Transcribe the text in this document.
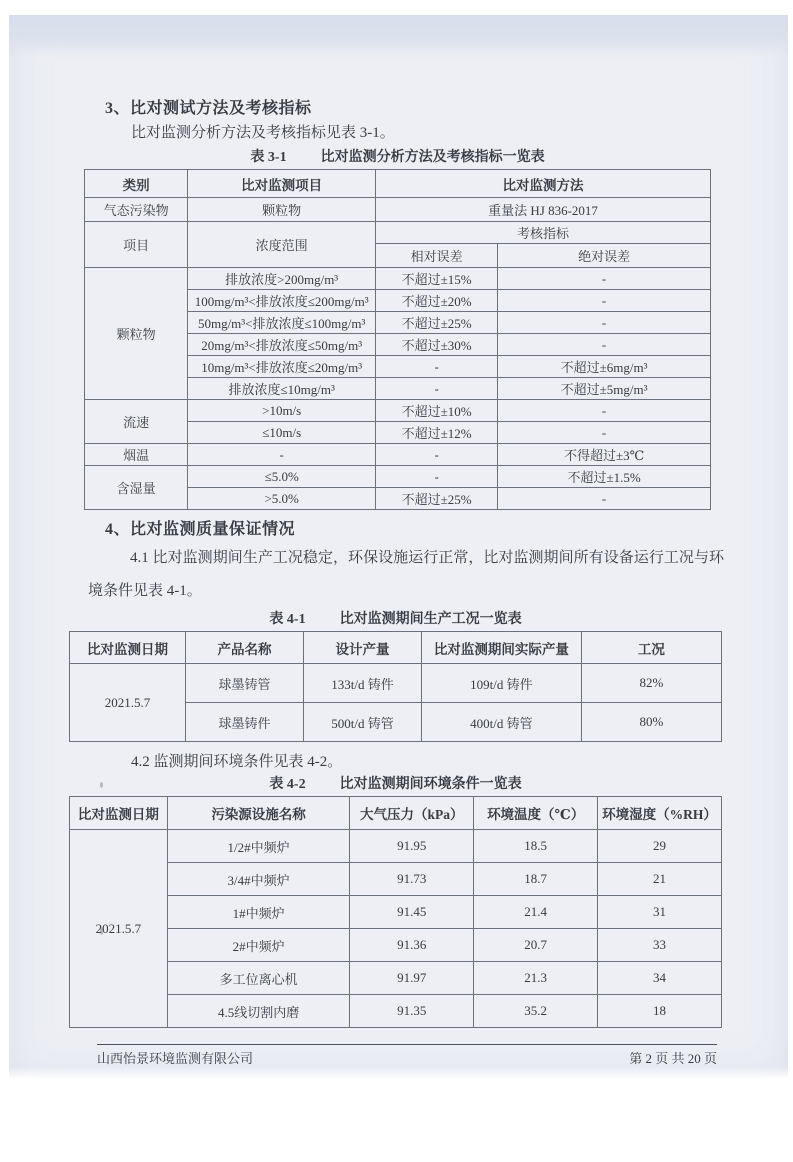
3、比对测试方法及考核指标
比对监测分析方法及考核指标见表 3-1。
表 3-1 比对监测分析方法及考核指标一览表
类别	比对监测项目	比对监测方法	
气态污染物	颗粒物	重量法 HJ 836-2017	
项目	浓度范围	考核指标	
		相对误差	绝对误差
颗粒物	排放浓度>200mg/m³	不超过±15%	-
	100mg/m³<排放浓度≤200mg/m³	不超过±20%	-
	50mg/m³<排放浓度≤100mg/m³	不超过±25%	-
	20mg/m³<排放浓度≤50mg/m³	不超过±30%	-
	10mg/m³<排放浓度≤20mg/m³	-	不超过±6mg/m³
	排放浓度≤10mg/m³	-	不超过±5mg/m³
流速	>10m/s	不超过±10%	-
	≤10m/s	不超过±12%	-
烟温	-	-	不得超过±3℃
含湿量	≤5.0%	-	不超过±1.5%
	>5.0%	不超过±25%	-
4、比对监测质量保证情况
4.1 比对监测期间生产工况稳定，环保设施运行正常，比对监测期间所有设备运行工况与环境条件见表 4-1。
表 4-1 比对监测期间生产工况一览表
比对监测日期	产品名称	设计产量	比对监测期间实际产量	工况
2021.5.7	球墨铸管	133t/d 铸件	109t/d 铸件	82%
	球墨铸件	500t/d 铸管	400t/d 铸管	80%
4.2 监测期间环境条件见表 4-2。
表 4-2 比对监测期间环境条件一览表
比对监测日期	污染源设施名称	大气压力（kPa）	环境温度（℃）	环境湿度（%RH）
2021.5.7	1/2#中频炉	91.95	18.5	29
	3/4#中频炉	91.73	18.7	21
	1#中频炉	91.45	21.4	31
	2#中频炉	91.36	20.7	33
	多工位离心机	91.97	21.3	34
	4.5线切割内磨	91.35	35.2	18
山西怡景环境监测有限公司	第 2 页 共 20 页
